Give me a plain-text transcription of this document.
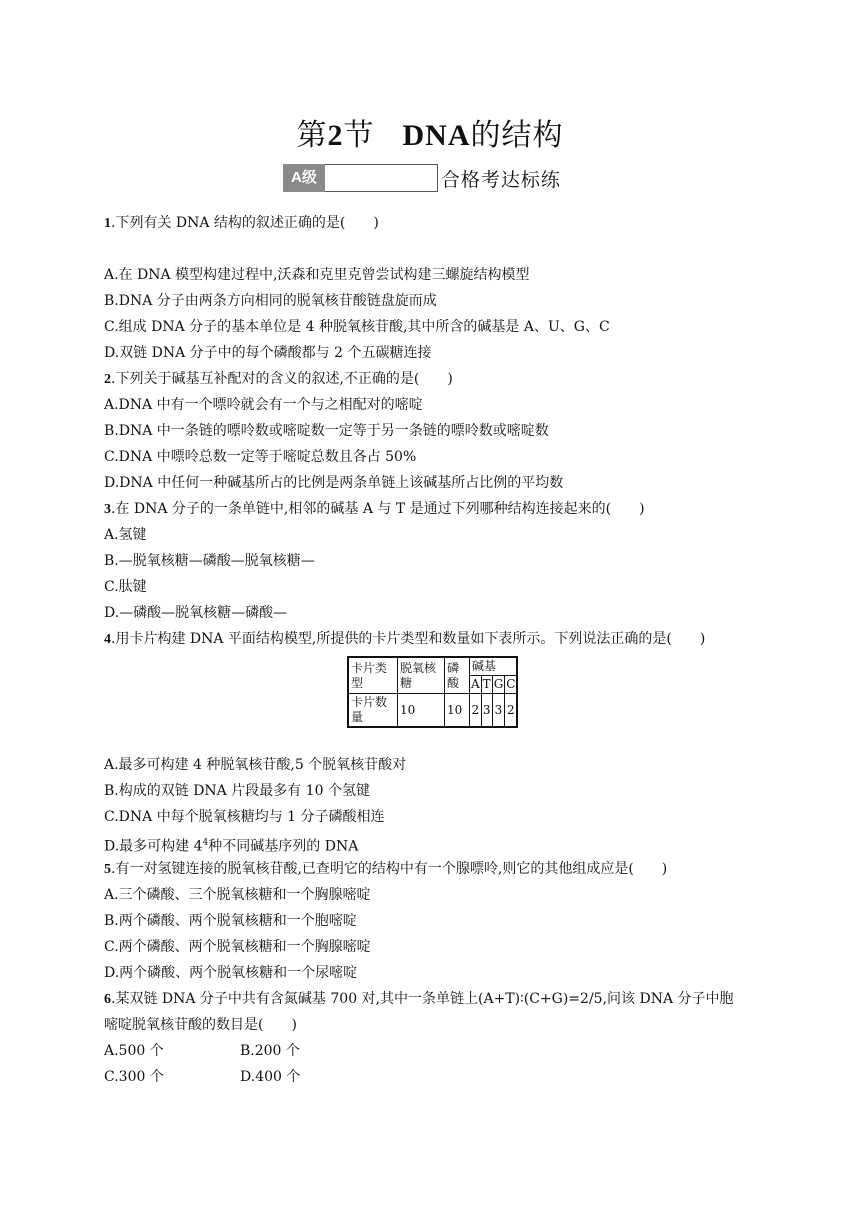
第2节 DNA的结构
A级	合格考达标练
1.下列有关 DNA 结构的叙述正确的是(　　)
A.在 DNA 模型构建过程中,沃森和克里克曾尝试构建三螺旋结构模型
B.DNA 分子由两条方向相同的脱氧核苷酸链盘旋而成
C.组成 DNA 分子的基本单位是 4 种脱氧核苷酸,其中所含的碱基是 A、U、G、C
D.双链 DNA 分子中的每个磷酸都与 2 个五碳糖连接
2.下列关于碱基互补配对的含义的叙述,不正确的是(　　)
A.DNA 中有一个嘌呤就会有一个与之相配对的嘧啶
B.DNA 中一条链的嘌呤数或嘧啶数一定等于另一条链的嘌呤数或嘧啶数
C.DNA 中嘌呤总数一定等于嘧啶总数且各占 50%
D.DNA 中任何一种碱基所占的比例是两条单链上该碱基所占比例的平均数
3.在 DNA 分子的一条单链中,相邻的碱基 A 与 T 是通过下列哪种结构连接起来的(　　)
A.氢键
B.—脱氧核糖—磷酸—脱氧核糖—
C.肽键
D.—磷酸—脱氧核糖—磷酸—
4.用卡片构建 DNA 平面结构模型,所提供的卡片类型和数量如下表所示。下列说法正确的是(　　)
卡片类型	脱氧核糖	磷酸	碱基			
			A	T	G	C
卡片数量	10	10	2	3	3	2
A.最多可构建 4 种脱氧核苷酸,5 个脱氧核苷酸对
B.构成的双链 DNA 片段最多有 10 个氢键
C.DNA 中每个脱氧核糖均与 1 分子磷酸相连
D.最多可构建 $4^4$种不同碱基序列的 DNA
5.有一对氢键连接的脱氧核苷酸,已查明它的结构中有一个腺嘌呤,则它的其他组成应是(　　)
A.三个磷酸、三个脱氧核糖和一个胸腺嘧啶
B.两个磷酸、两个脱氧核糖和一个胞嘧啶
C.两个磷酸、两个脱氧核糖和一个胸腺嘧啶
D.两个磷酸、两个脱氧核糖和一个尿嘧啶
6.某双链 DNA 分子中共有含氮碱基 700 对,其中一条单链上(A+T)∶(C+G)=2/5,问该 DNA 分子中胞
嘧啶脱氧核苷酸的数目是(　　)
A.500 个	B.200 个
C.300 个	D.400 个
